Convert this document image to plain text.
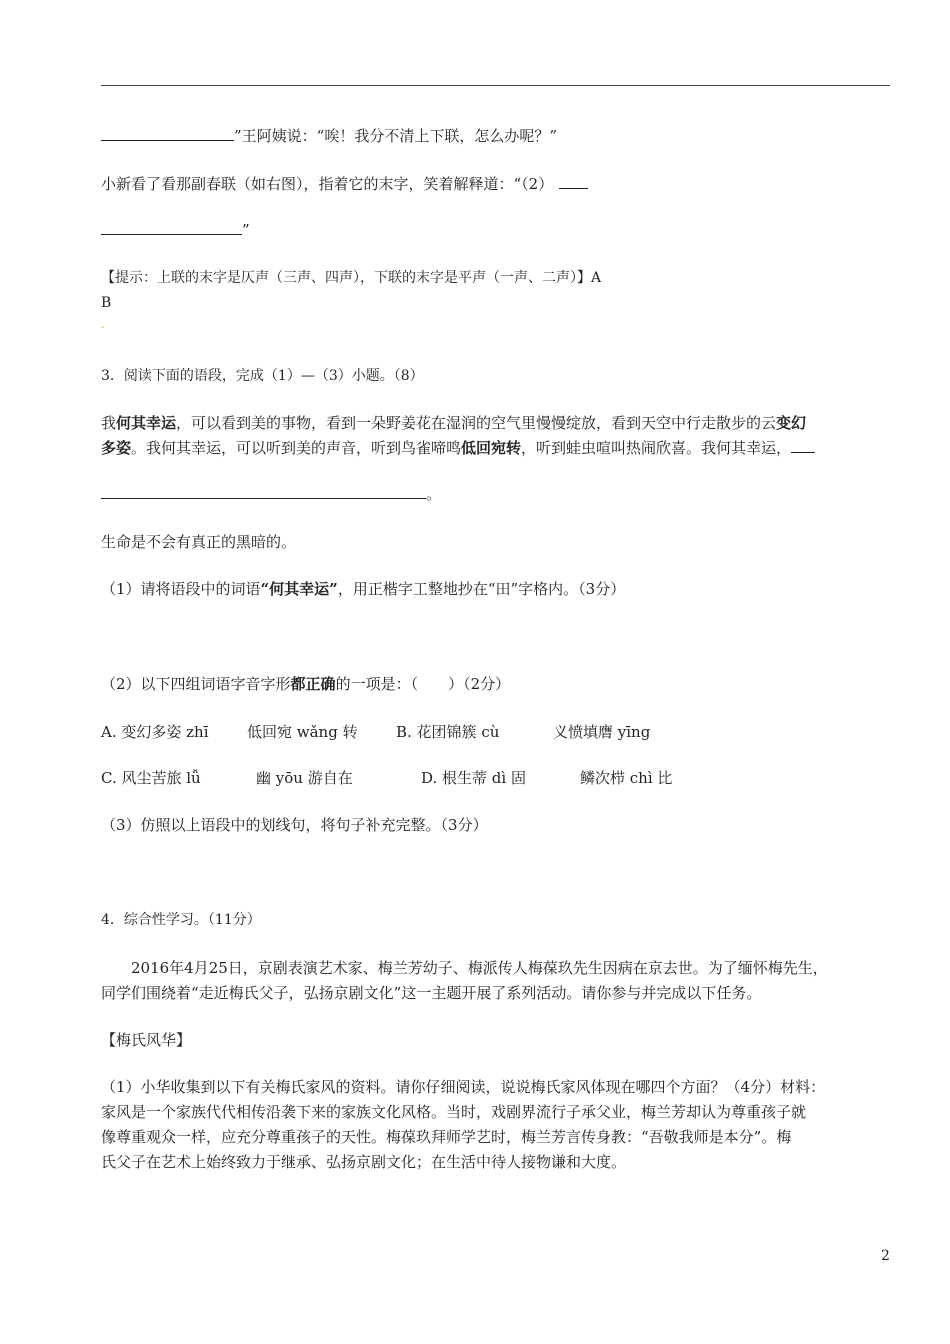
”王阿姨说：“唉！我分不清上下联，怎么办呢？”
小新看了看那副春联（如右图），指着它的末字，笑着解释道：“（2）
”
【提示：上联的末字是仄声（三声、四声），下联的末字是平声（一声、二声）】A
B
-
3．阅读下面的语段，完成（1）—（3）小题。（8）
我何其幸运，可以看到美的事物，看到一朵野姜花在湿润的空气里慢慢绽放，看到天空中行走散步的云变幻
多姿。我何其幸运，可以听到美的声音，听到鸟雀啼鸣低回宛转，听到蛙虫喧叫热闹欣喜。我何其幸运，
。
生命是不会有真正的黑暗的。
（1）请将语段中的词语“何其幸运”，用正楷字工整地抄在“田”字格内。（3分）
（2）以下四组词语字音字形都正确的一项是：（　　）（2分）
A. 变幻多姿 zhī	低回宛 wǎng 转	B. 花团锦簇 cù	义愤填膺 yīng
C. 风尘苦旅 lǚ	幽 yōu 游自在	D. 根生蒂 dì 固	鳞次栉 chì 比
（3）仿照以上语段中的划线句，将句子补充完整。（3分）
4．综合性学习。（11分）
　　2016年4月25日，京剧表演艺术家、梅兰芳幼子、梅派传人梅葆玖先生因病在京去世。为了缅怀梅先生，
同学们围绕着“走近梅氏父子，弘扬京剧文化”这一主题开展了系列活动。请你参与并完成以下任务。
【梅氏风华】
（1）小华收集到以下有关梅氏家风的资料。请你仔细阅读，说说梅氏家风体现在哪四个方面？（4分）材料：
家风是一个家族代代相传沿袭下来的家族文化风格。当时，戏剧界流行子承父业，梅兰芳却认为尊重孩子就
像尊重观众一样，应充分尊重孩子的天性。梅葆玖拜师学艺时，梅兰芳言传身教：“吾敬我师是本分”。梅
氏父子在艺术上始终致力于继承、弘扬京剧文化；在生活中待人接物谦和大度。
2
